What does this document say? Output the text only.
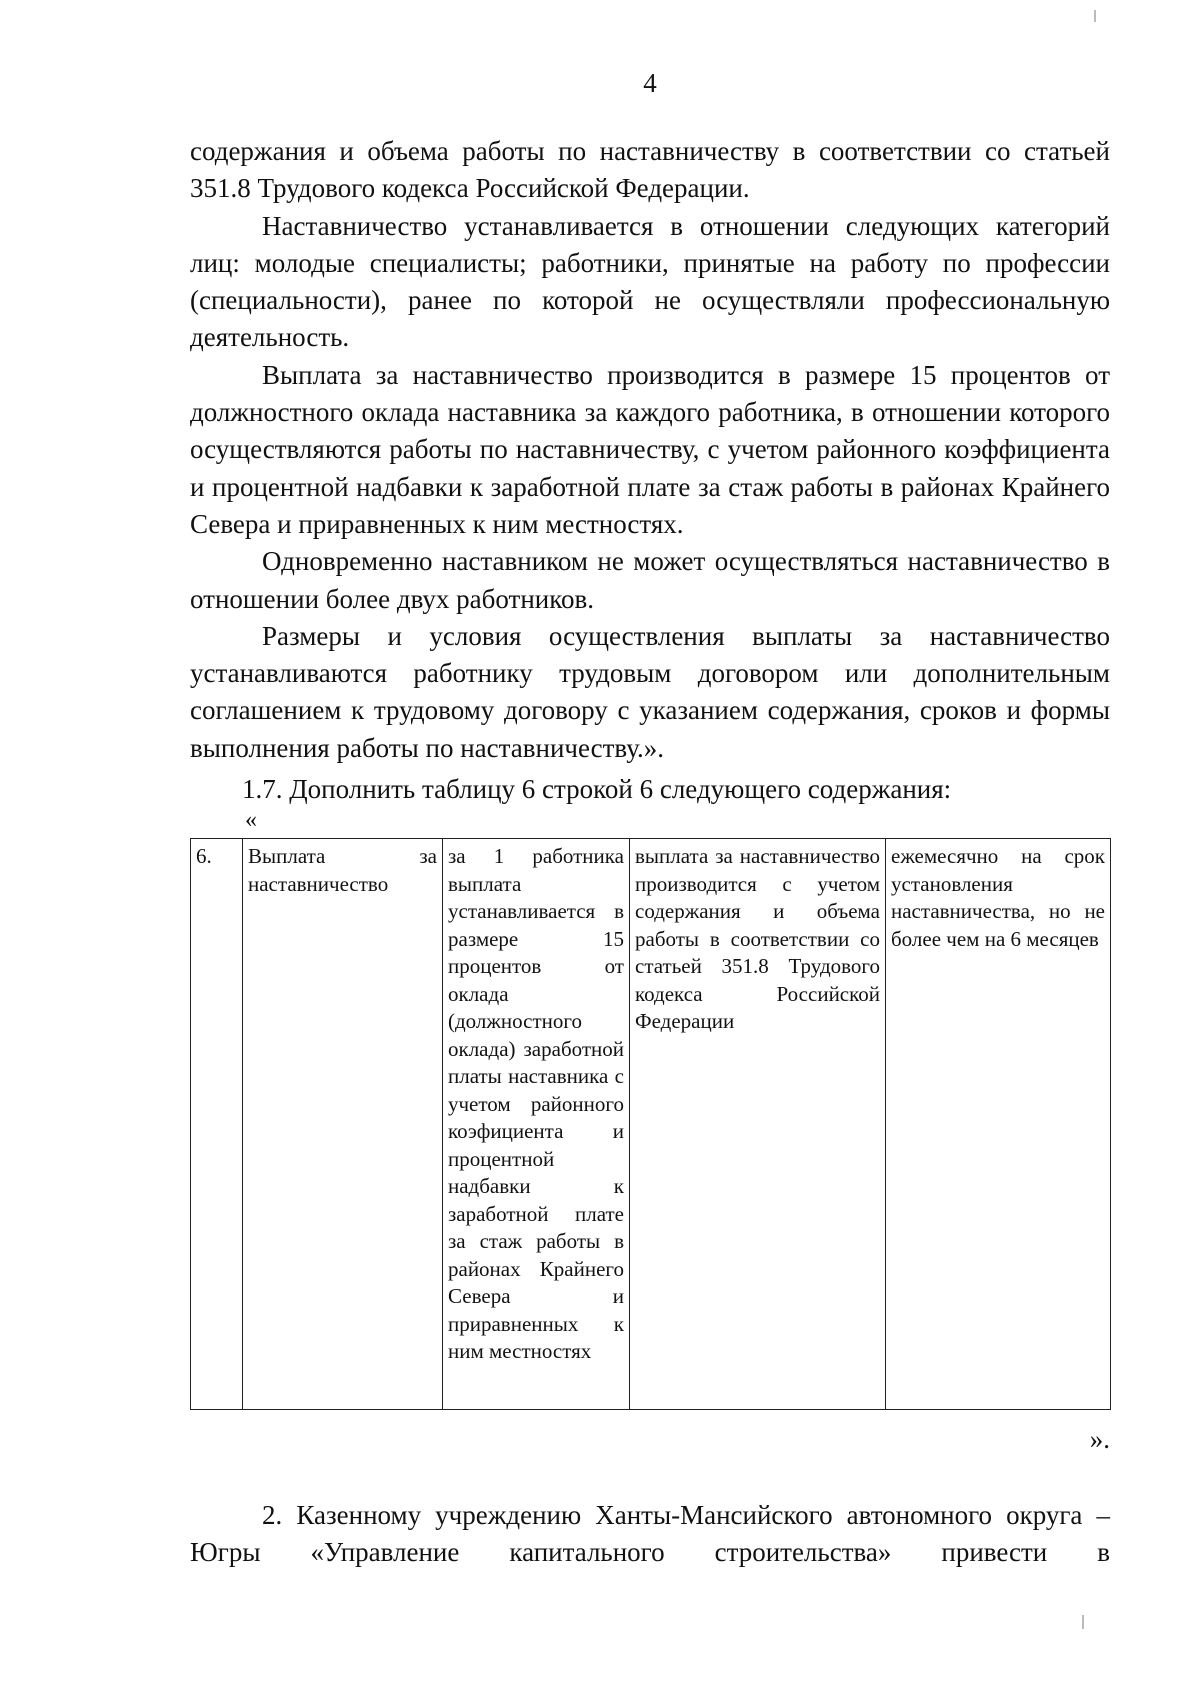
4

содержания и объема работы по наставничеству в соответствии со статьей 351.8 Трудового кодекса Российской Федерации.

Наставничество устанавливается в отношении следующих категорий лиц: молодые специалисты; работники, принятые на работу по профессии (специальности), ранее по которой не осуществляли профессиональную деятельность.

Выплата за наставничество производится в размере 15 процентов от должностного оклада наставника за каждого работника, в отношении которого осуществляются работы по наставничеству, с учетом районного коэффициента и процентной надбавки к заработной плате за стаж работы в районах Крайнего Севера и приравненных к ним местностях.

Одновременно наставником не может осуществляться наставничество в отношении более двух работников.

Размеры и условия осуществления выплаты за наставничество устанавливаются работнику трудовым договором или дополнительным соглашением к трудовому договору с указанием содержания, сроков и формы выполнения работы по наставничеству.».

1.7. Дополнить таблицу 6 строкой 6 следующего содержания:

«
6.	Выплата за наставничество	за 1 работника выплата устанавливается в размере 15 процентов от оклада (должностного оклада) заработной платы наставника с учетом районного коэфициента и процентной надбавки к заработной плате за стаж работы в районах Крайнего Севера и приравненных к ним местностях	выплата за наставничество производится с учетом содержания и объема работы в соответствии со статьей 351.8 Трудового кодекса Российской Федерации	ежемесячно на срок установления наставничества, но не более чем на 6 месяцев
».

2. Казенному учреждению Ханты-Мансийского автономного округа – Югры «Управление капитального строительства» привести в
